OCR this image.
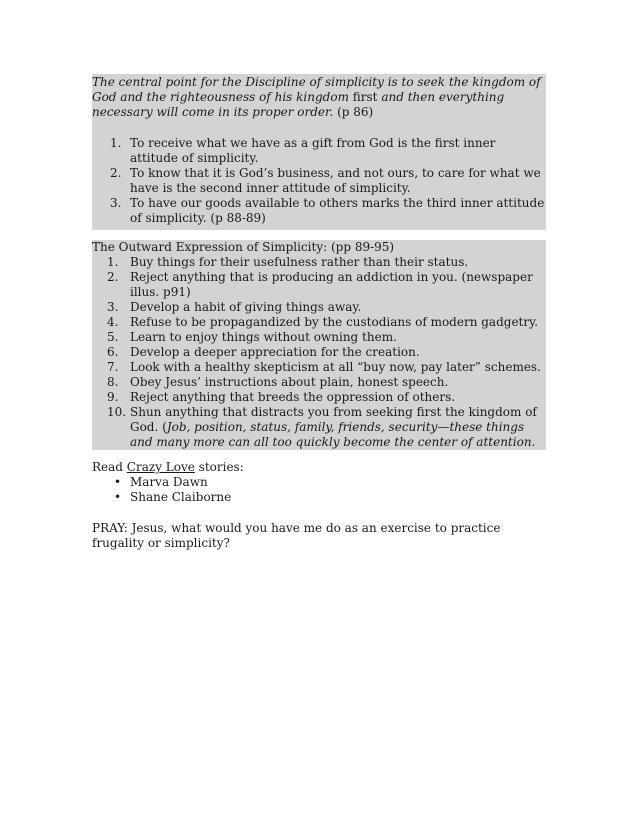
The central point for the Discipline of simplicity is to seek the kingdom of God and the righteousness of his kingdom first and then everything necessary will come in its proper order. (p 86)
1. To receive what we have as a gift from God is the first inner attitude of simplicity.
2. To know that it is God’s business, and not ours, to care for what we have is the second inner attitude of simplicity.
3. To have our goods available to others marks the third inner attitude of simplicity. (p 88-89)
The Outward Expression of Simplicity: (pp 89-95)
1. Buy things for their usefulness rather than their status.
2. Reject anything that is producing an addiction in you. (newspaper illus. p91)
3. Develop a habit of giving things away.
4. Refuse to be propagandized by the custodians of modern gadgetry.
5. Learn to enjoy things without owning them.
6. Develop a deeper appreciation for the creation.
7. Look with a healthy skepticism at all “buy now, pay later” schemes.
8. Obey Jesus’ instructions about plain, honest speech.
9. Reject anything that breeds the oppression of others.
10. Shun anything that distracts you from seeking first the kingdom of God. (Job, position, status, family, friends, security—these things and many more can all too quickly become the center of attention.
Read Crazy Love stories:
• Marva Dawn
• Shane Claiborne
PRAY: Jesus, what would you have me do as an exercise to practice frugality or simplicity?
